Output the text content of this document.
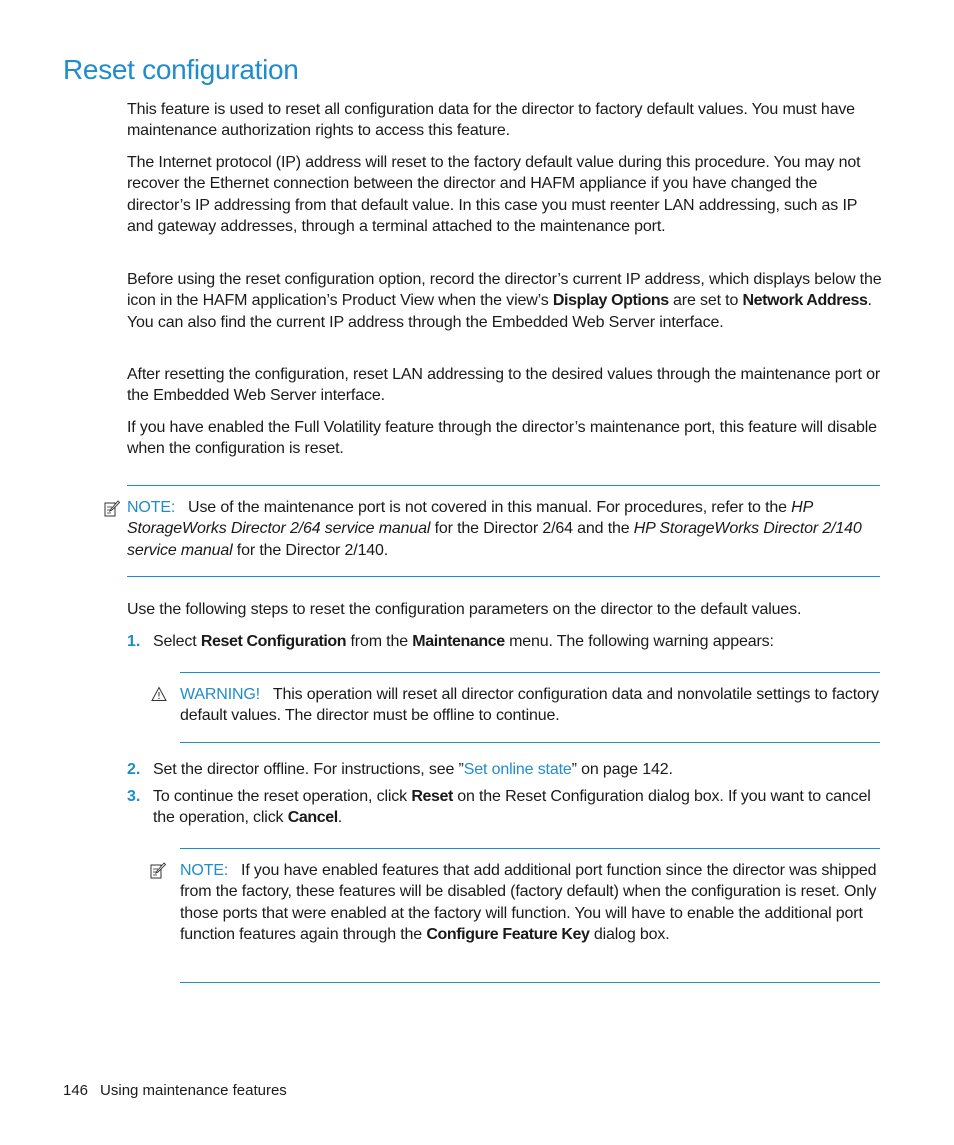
Reset configuration

This feature is used to reset all configuration data for the director to factory default values. You must have maintenance authorization rights to access this feature.

The Internet protocol (IP) address will reset to the factory default value during this procedure. You may not recover the Ethernet connection between the director and HAFM appliance if you have changed the director’s IP addressing from that default value. In this case you must reenter LAN addressing, such as IP and gateway addresses, through a terminal attached to the maintenance port.

Before using the reset configuration option, record the director’s current IP address, which displays below the icon in the HAFM application’s Product View when the view’s Display Options are set to Network Address. You can also find the current IP address through the Embedded Web Server interface.

After resetting the configuration, reset LAN addressing to the desired values through the maintenance port or the Embedded Web Server interface.

If you have enabled the Full Volatility feature through the director’s maintenance port, this feature will disable when the configuration is reset.

NOTE: Use of the maintenance port is not covered in this manual. For procedures, refer to the HP StorageWorks Director 2/64 service manual for the Director 2/64 and the HP StorageWorks Director 2/140 service manual for the Director 2/140.

Use the following steps to reset the configuration parameters on the director to the default values.

1. Select Reset Configuration from the Maintenance menu. The following warning appears:

WARNING! This operation will reset all director configuration data and nonvolatile settings to factory default values. The director must be offline to continue.

2. Set the director offline. For instructions, see ”Set online state” on page 142.

3. To continue the reset operation, click Reset on the Reset Configuration dialog box. If you want to cancel the operation, click Cancel.

NOTE: If you have enabled features that add additional port function since the director was shipped from the factory, these features will be disabled (factory default) when the configuration is reset. Only those ports that were enabled at the factory will function. You will have to enable the additional port function features again through the Configure Feature Key dialog box.

146 Using maintenance features
